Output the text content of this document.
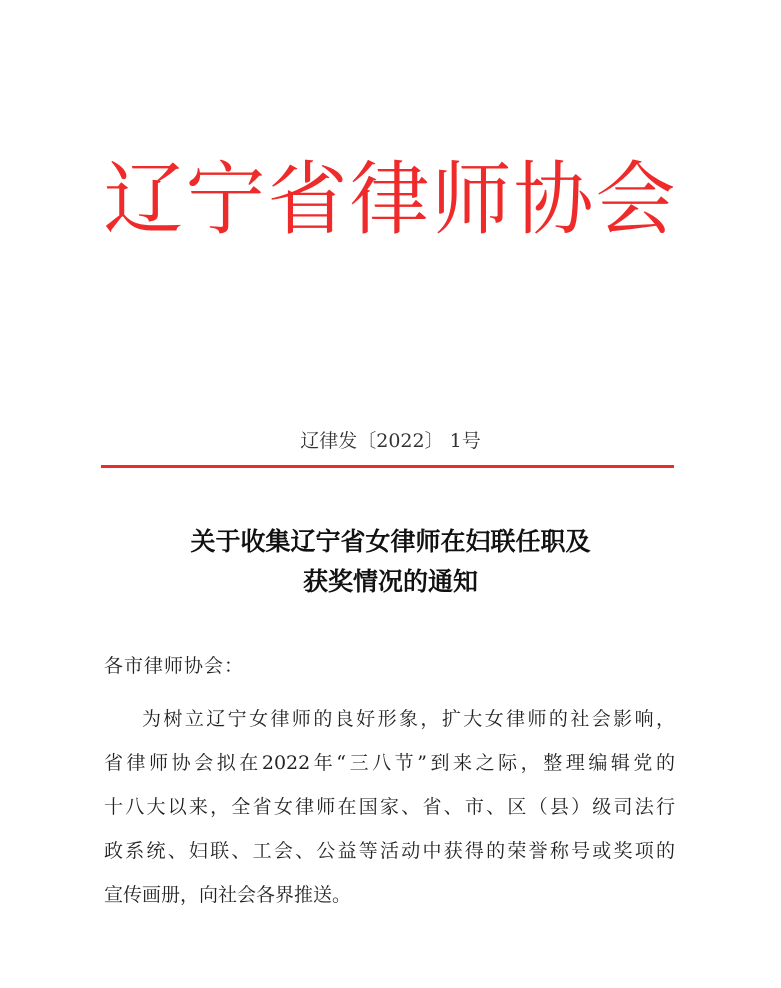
辽宁省律师协会
辽律发〔2022〕 1号
关于收集辽宁省女律师在妇联任职及
获奖情况的通知
各市律师协会：
为树立辽宁女律师的良好形象，扩大女律师的社会影响，
省律师协会拟在2022年“三八节”到来之际，整理编辑党的
十八大以来，全省女律师在国家、省、市、区（县）级司法行
政系统、妇联、工会、公益等活动中获得的荣誉称号或奖项的
宣传画册，向社会各界推送。
